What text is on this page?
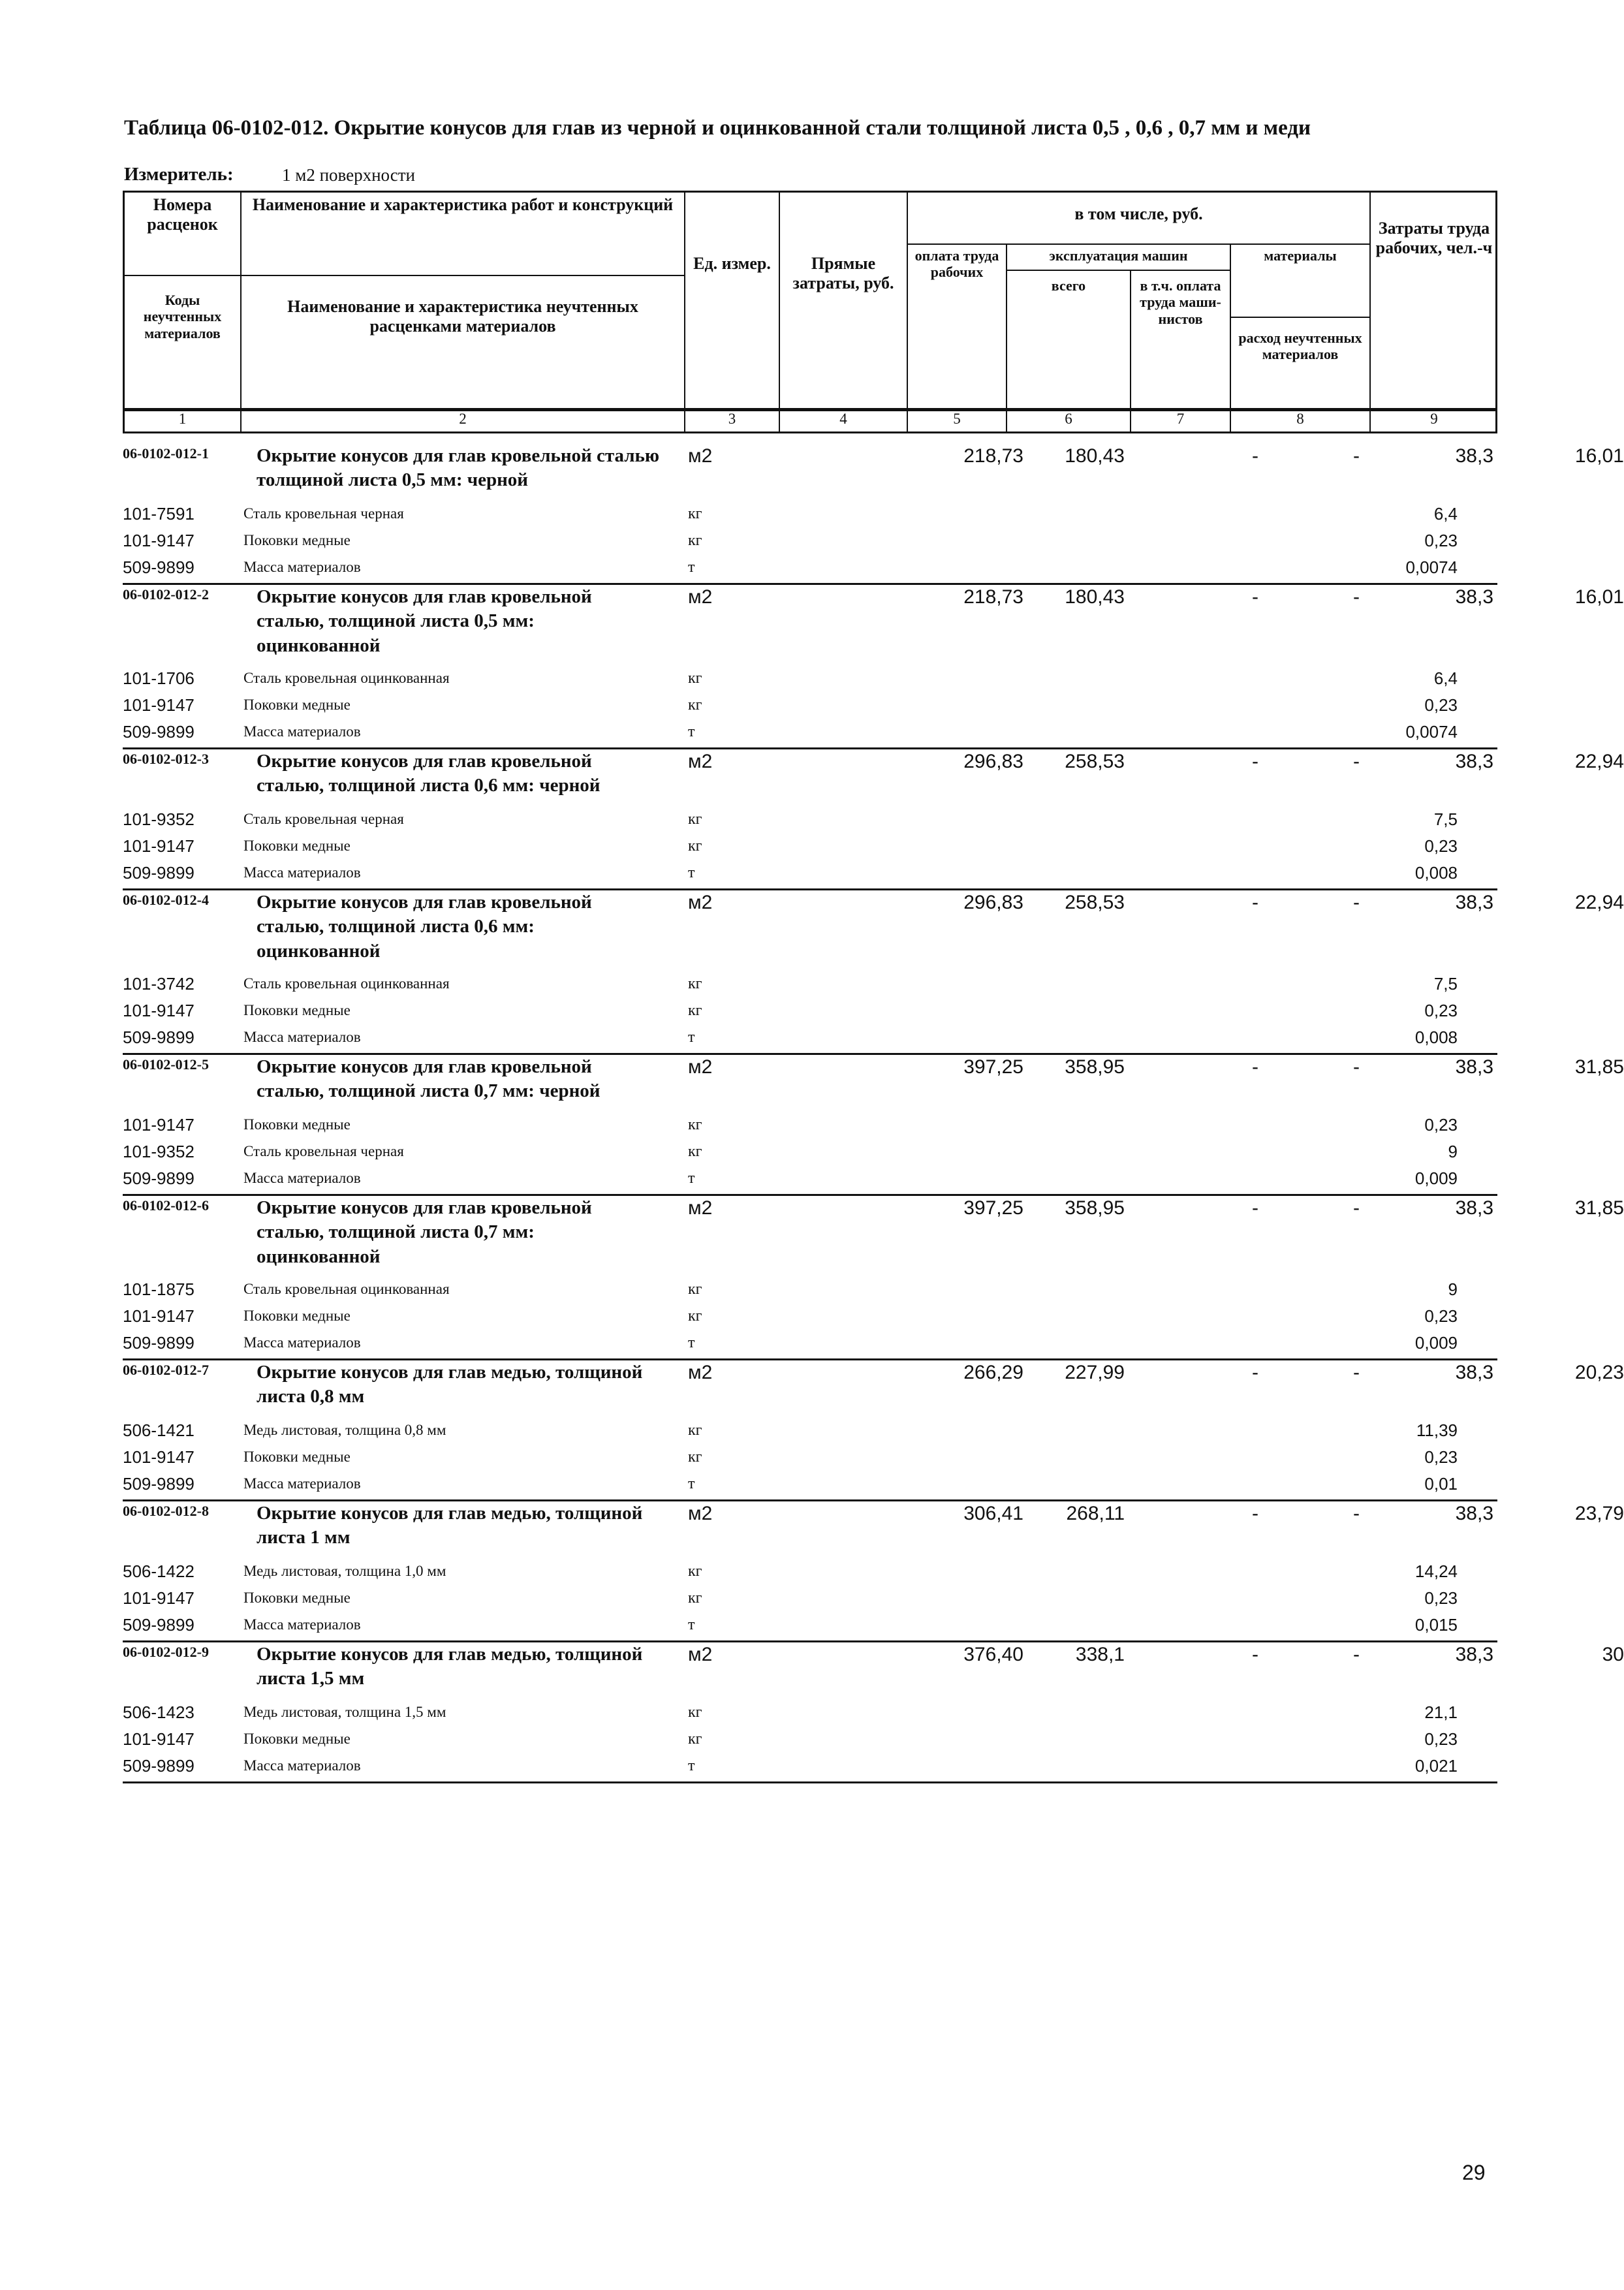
Таблица 06-0102-012. Окрытие конусов для глав из черной и оцинкованной стали толщиной листа 0,5 , 0,6 , 0,7 мм и меди
Измеритель:	1 м2 поверхности
Номера расценок
Наименование и характеристика работ и конструкций
Коды неучтенных материалов
Наименование и характеристика неучтенных расценками материалов
Ед. измер.	Прямые затраты, руб.
в том числе, руб.
оплата труда рабочих
эксплуатация машин
всего	в т.ч. оплата труда маши-нистов
материалы
расход неучтенных материалов
Затраты труда рабочих, чел.-ч
1	2	3	4	5	6	7	8	9
06-0102-012-1	Окрытие конусов для глав кровельной сталью толщиной листа 0,5 мм: черной
м2	218,73	180,43	-	-	38,3	16,01
101-7591	Сталь кровельная черная	кг	6,4
101-9147	Поковки медные	кг	0,23
509-9899	Масса материалов	т	0,0074
06-0102-012-2	Окрытие конусов для глав кровельной сталью, толщиной листа 0,5 мм: оцинкованной
м2	218,73	180,43	-	-	38,3	16,01
101-1706	Сталь кровельная оцинкованная	кг	6,4
101-9147	Поковки медные	кг	0,23
509-9899	Масса материалов	т	0,0074
06-0102-012-3	Окрытие конусов для глав кровельной сталью, толщиной листа 0,6 мм: черной
м2	296,83	258,53	-	-	38,3	22,94
101-9352	Сталь кровельная черная	кг	7,5
101-9147	Поковки медные	кг	0,23
509-9899	Масса материалов	т	0,008
06-0102-012-4	Окрытие конусов для глав кровельной сталью, толщиной листа 0,6 мм: оцинкованной
м2	296,83	258,53	-	-	38,3	22,94
101-3742	Сталь кровельная оцинкованная	кг	7,5
101-9147	Поковки медные	кг	0,23
509-9899	Масса материалов	т	0,008
06-0102-012-5	Окрытие конусов для глав кровельной сталью, толщиной листа 0,7 мм: черной
м2	397,25	358,95	-	-	38,3	31,85
101-9147	Поковки медные	кг	0,23
101-9352	Сталь кровельная черная	кг	9
509-9899	Масса материалов	т	0,009
06-0102-012-6	Окрытие конусов для глав кровельной сталью, толщиной листа 0,7 мм: оцинкованной
м2	397,25	358,95	-	-	38,3	31,85
101-1875	Сталь кровельная оцинкованная	кг	9
101-9147	Поковки медные	кг	0,23
509-9899	Масса материалов	т	0,009
06-0102-012-7	Окрытие конусов для глав медью, толщиной листа 0,8 мм
м2	266,29	227,99	-	-	38,3	20,23
506-1421	Медь листовая, толщина 0,8 мм	кг	11,39
101-9147	Поковки медные	кг	0,23
509-9899	Масса материалов	т	0,01
06-0102-012-8	Окрытие конусов для глав медью, толщиной листа 1 мм
м2	306,41	268,11	-	-	38,3	23,79
506-1422	Медь листовая, толщина 1,0 мм	кг	14,24
101-9147	Поковки медные	кг	0,23
509-9899	Масса материалов	т	0,015
06-0102-012-9	Окрытие конусов для глав медью, толщиной листа 1,5 мм
м2	376,40	338,1	-	-	38,3	30
506-1423	Медь листовая, толщина 1,5 мм	кг	21,1
101-9147	Поковки медные	кг	0,23
509-9899	Масса материалов	т	0,021
29
